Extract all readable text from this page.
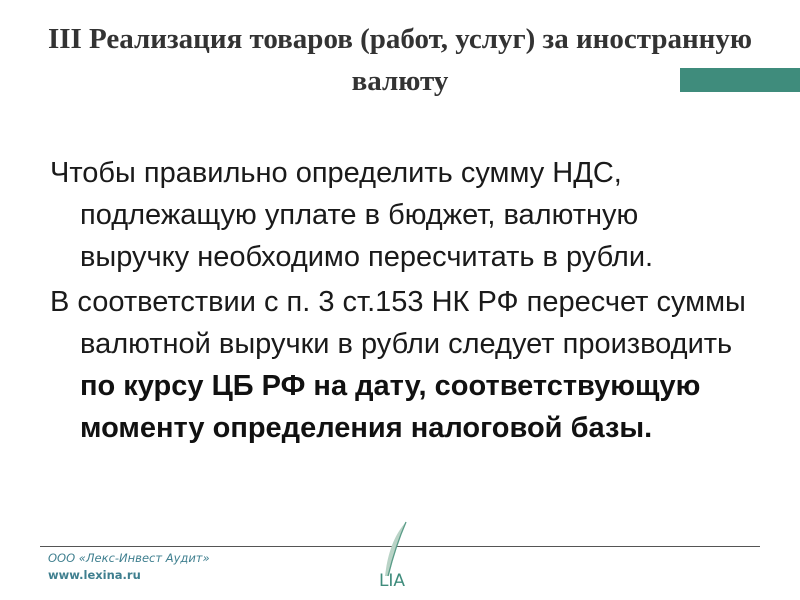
III Реализация товаров (работ, услуг) за иностранную валюту

Чтобы правильно определить сумму НДС, подлежащую уплате в бюджет, валютную выручку необходимо пересчитать в рубли.

В соответствии с п. 3 ст.153 НК РФ пересчет суммы валютной выручки в рубли следует производить по курсу ЦБ РФ на дату, соответствующую моменту определения налоговой базы.

ООО «Лекс-Инвест Аудит»
www.lexina.ru	LIA
